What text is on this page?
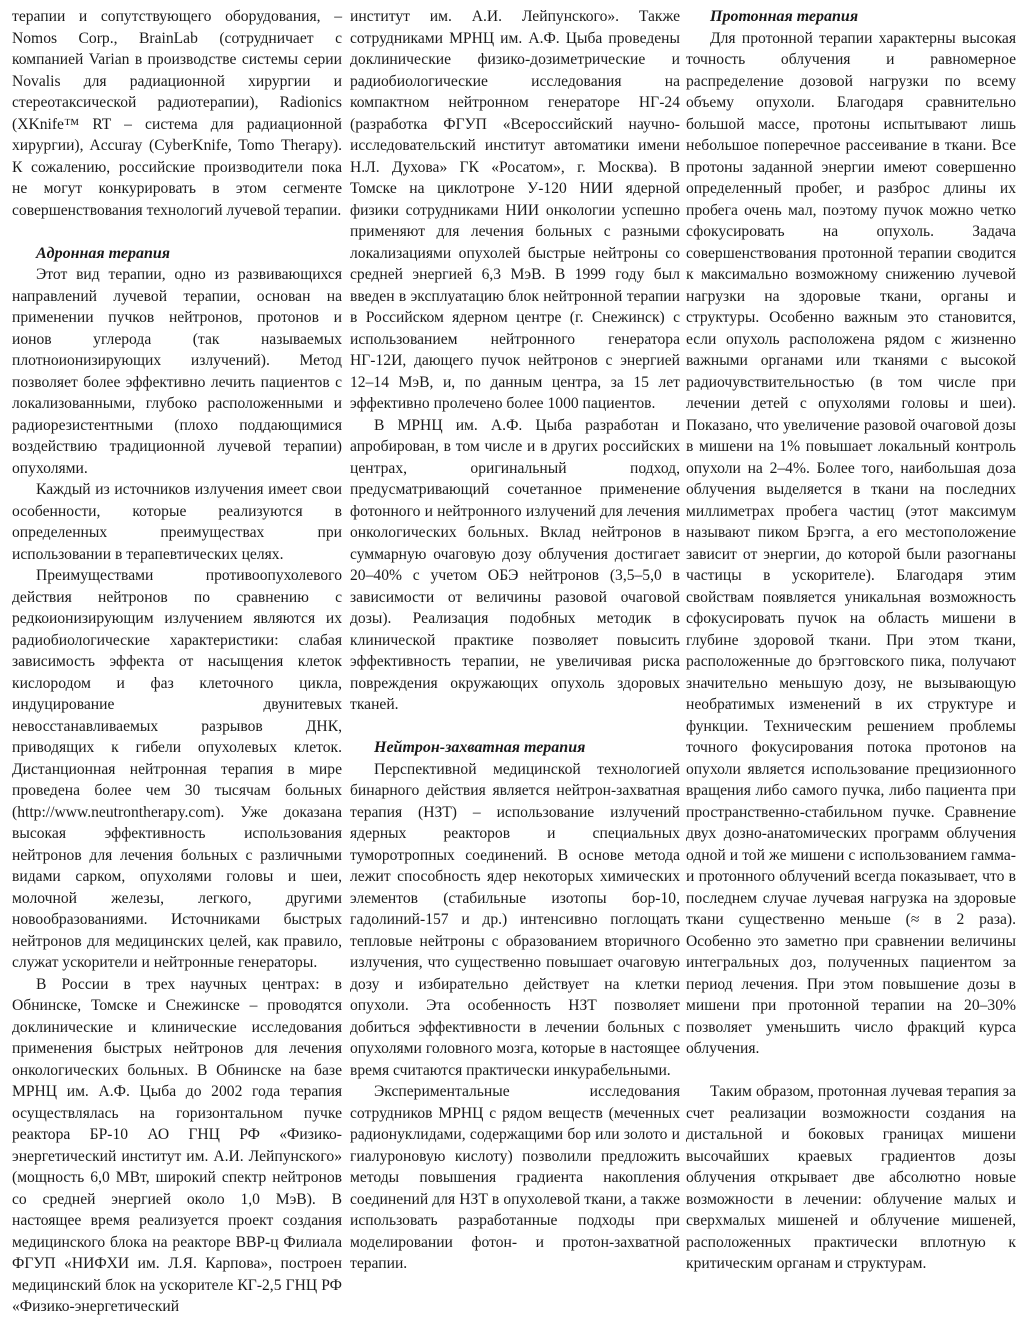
терапии и сопутствующего оборудования, – Nomos Corp., BrainLab (сотрудничает с компанией Varian в производстве системы серии Novalis для радиационной хирургии и стереотаксической радиотерапии), Radionics (XKnife™ RT – система для радиационной хирургии), Accuray (CyberKnife, Tomo Therapy). К сожалению, российские производители пока не могут конкурировать в этом сегменте совершенствования технологий лучевой терапии.

Адронная терапия

Этот вид терапии, одно из развивающихся направлений лучевой терапии, основан на применении пучков нейтронов, протонов и ионов углерода (так называемых плотноионизирующих излучений). Метод позволяет более эффективно лечить пациентов с локализованными, глубоко расположенными и радиорезистентными (плохо поддающимися воздействию традиционной лучевой терапии) опухолями.

Каждый из источников излучения имеет свои особенности, которые реализуются в определенных преимуществах при использовании в терапевтических целях.

Преимуществами противоопухолевого действия нейтронов по сравнению с редкоионизирующим излучением являются их радиобиологические характеристики: слабая зависимость эффекта от насыщения клеток кислородом и фаз клеточного цикла, индуцирование двунитевых невосстанавливаемых разрывов ДНК, приводящих к гибели опухолевых клеток. Дистанционная нейтронная терапия в мире проведена более чем 30 тысячам больных (http://www.neutrontherapy.com). Уже доказана высокая эффективность использования нейтронов для лечения больных с различными видами сарком, опухолями головы и шеи, молочной железы, легкого, другими новообразованиями. Источниками быстрых нейтронов для медицинских целей, как правило, служат ускорители и нейтронные генераторы.

В России в трех научных центрах: в Обнинске, Томске и Снежинске – проводятся доклинические и клинические исследования применения быстрых нейтронов для лечения онкологических больных. В Обнинске на базе МРНЦ им. А.Ф. Цыба до 2002 года терапия осуществлялась на горизонтальном пучке реактора БР-10 АО ГНЦ РФ «Физико-энергетический институт им. А.И. Лейпунского» (мощность 6,0 МВт, широкий спектр нейтронов со средней энергией около 1,0 МэВ). В настоящее время реализуется проект создания медицинского блока на реакторе ВВР-ц Филиала ФГУП «НИФХИ им. Л.Я. Карпова», построен медицинский блок на ускорителе КГ-2,5 ГНЦ РФ «Физико-энергетический

институт им. А.И. Лейпунского». Также сотрудниками МРНЦ им. А.Ф. Цыба проведены доклинические физико-дозиметрические и радиобиологические исследования на компактном нейтронном генераторе НГ-24 (разработка ФГУП «Всероссийский научно-исследовательский институт автоматики имени Н.Л. Духова» ГК «Росатом», г. Москва). В Томске на циклотроне У-120 НИИ ядерной физики сотрудниками НИИ онкологии успешно применяют для лечения больных с разными локализациями опухолей быстрые нейтроны со средней энергией 6,3 МэВ. В 1999 году был введен в эксплуатацию блок нейтронной терапии в Российском ядерном центре (г. Снежинск) с использованием нейтронного генератора НГ-12И, дающего пучок нейтронов с энергией 12–14 МэВ, и, по данным центра, за 15 лет эффективно пролечено более 1000 пациентов.

В МРНЦ им. А.Ф. Цыба разработан и апробирован, в том числе и в других российских центрах, оригинальный подход, предусматривающий сочетанное применение фотонного и нейтронного излучений для лечения онкологических больных. Вклад нейтронов в суммарную очаговую дозу облучения достигает 20–40% с учетом ОБЭ нейтронов (3,5–5,0 в зависимости от величины разовой очаговой дозы). Реализация подобных методик в клинической практике позволяет повысить эффективность терапии, не увеличивая риска повреждения окружающих опухоль здоровых тканей.

Нейтрон-захватная терапия

Перспективной медицинской технологией бинарного действия является нейтрон-захватная терапия (НЗТ) – использование излучений ядерных реакторов и специальных туморотропных соединений. В основе метода лежит способность ядер некоторых химических элементов (стабильные изотопы бор-10, гадолиний-157 и др.) интенсивно поглощать тепловые нейтроны с образованием вторичного излучения, что существенно повышает очаговую дозу и избирательно действует на клетки опухоли. Эта особенность НЗТ позволяет добиться эффективности в лечении больных с опухолями головного мозга, которые в настоящее время считаются практически инкурабельными.

Экспериментальные исследования сотрудников МРНЦ с рядом веществ (меченных радионуклидами, содержащими бор или золото и гиалуроновую кислоту) позволили предложить методы повышения градиента накопления соединений для НЗТ в опухолевой ткани, а также использовать разработанные подходы при моделировании фотон- и протон-захватной терапии.

Протонная терапия

Для протонной терапии характерны высокая точность облучения и равномерное распределение дозовой нагрузки по всему объему опухоли. Благодаря сравнительно большой массе, протоны испытывают лишь небольшое поперечное рассеивание в ткани. Все протоны заданной энергии имеют совершенно определенный пробег, и разброс длины их пробега очень мал, поэтому пучок можно четко сфокусировать на опухоль. Задача совершенствования протонной терапии сводится к максимально возможному снижению лучевой нагрузки на здоровые ткани, органы и структуры. Особенно важным это становится, если опухоль расположена рядом с жизненно важными органами или тканями с высокой радиочувствительностью (в том числе при лечении детей с опухолями головы и шеи). Показано, что увеличение разовой очаговой дозы в мишени на 1% повышает локальный контроль опухоли на 2–4%. Более того, наибольшая доза облучения выделяется в ткани на последних миллиметрах пробега частиц (этот максимум называют пиком Брэгга, а его местоположение зависит от энергии, до которой были разогнаны частицы в ускорителе). Благодаря этим свойствам появляется уникальная возможность сфокусировать пучок на область мишени в глубине здоровой ткани. При этом ткани, расположенные до брэгговского пика, получают значительно меньшую дозу, не вызывающую необратимых изменений в их структуре и функции. Техническим решением проблемы точного фокусирования потока протонов на опухоли является использование прецизионного вращения либо самого пучка, либо пациента при пространственно-стабильном пучке. Сравнение двух дозно-анатомических программ облучения одной и той же мишени с использованием гамма- и протонного облучений всегда показывает, что в последнем случае лучевая нагрузка на здоровые ткани существенно меньше (≈ в 2 раза). Особенно это заметно при сравнении величины интегральных доз, полученных пациентом за период лечения. При этом повышение дозы в мишени при протонной терапии на 20–30% позволяет уменьшить число фракций курса облучения.

Таким образом, протонная лучевая терапия за счет реализации возможности создания на дистальной и боковых границах мишени высочайших краевых градиентов дозы облучения открывает две абсолютно новые возможности в лечении: облучение малых и сверхмалых мишеней и облучение мишеней, расположенных практически вплотную к критическим органам и структурам.
